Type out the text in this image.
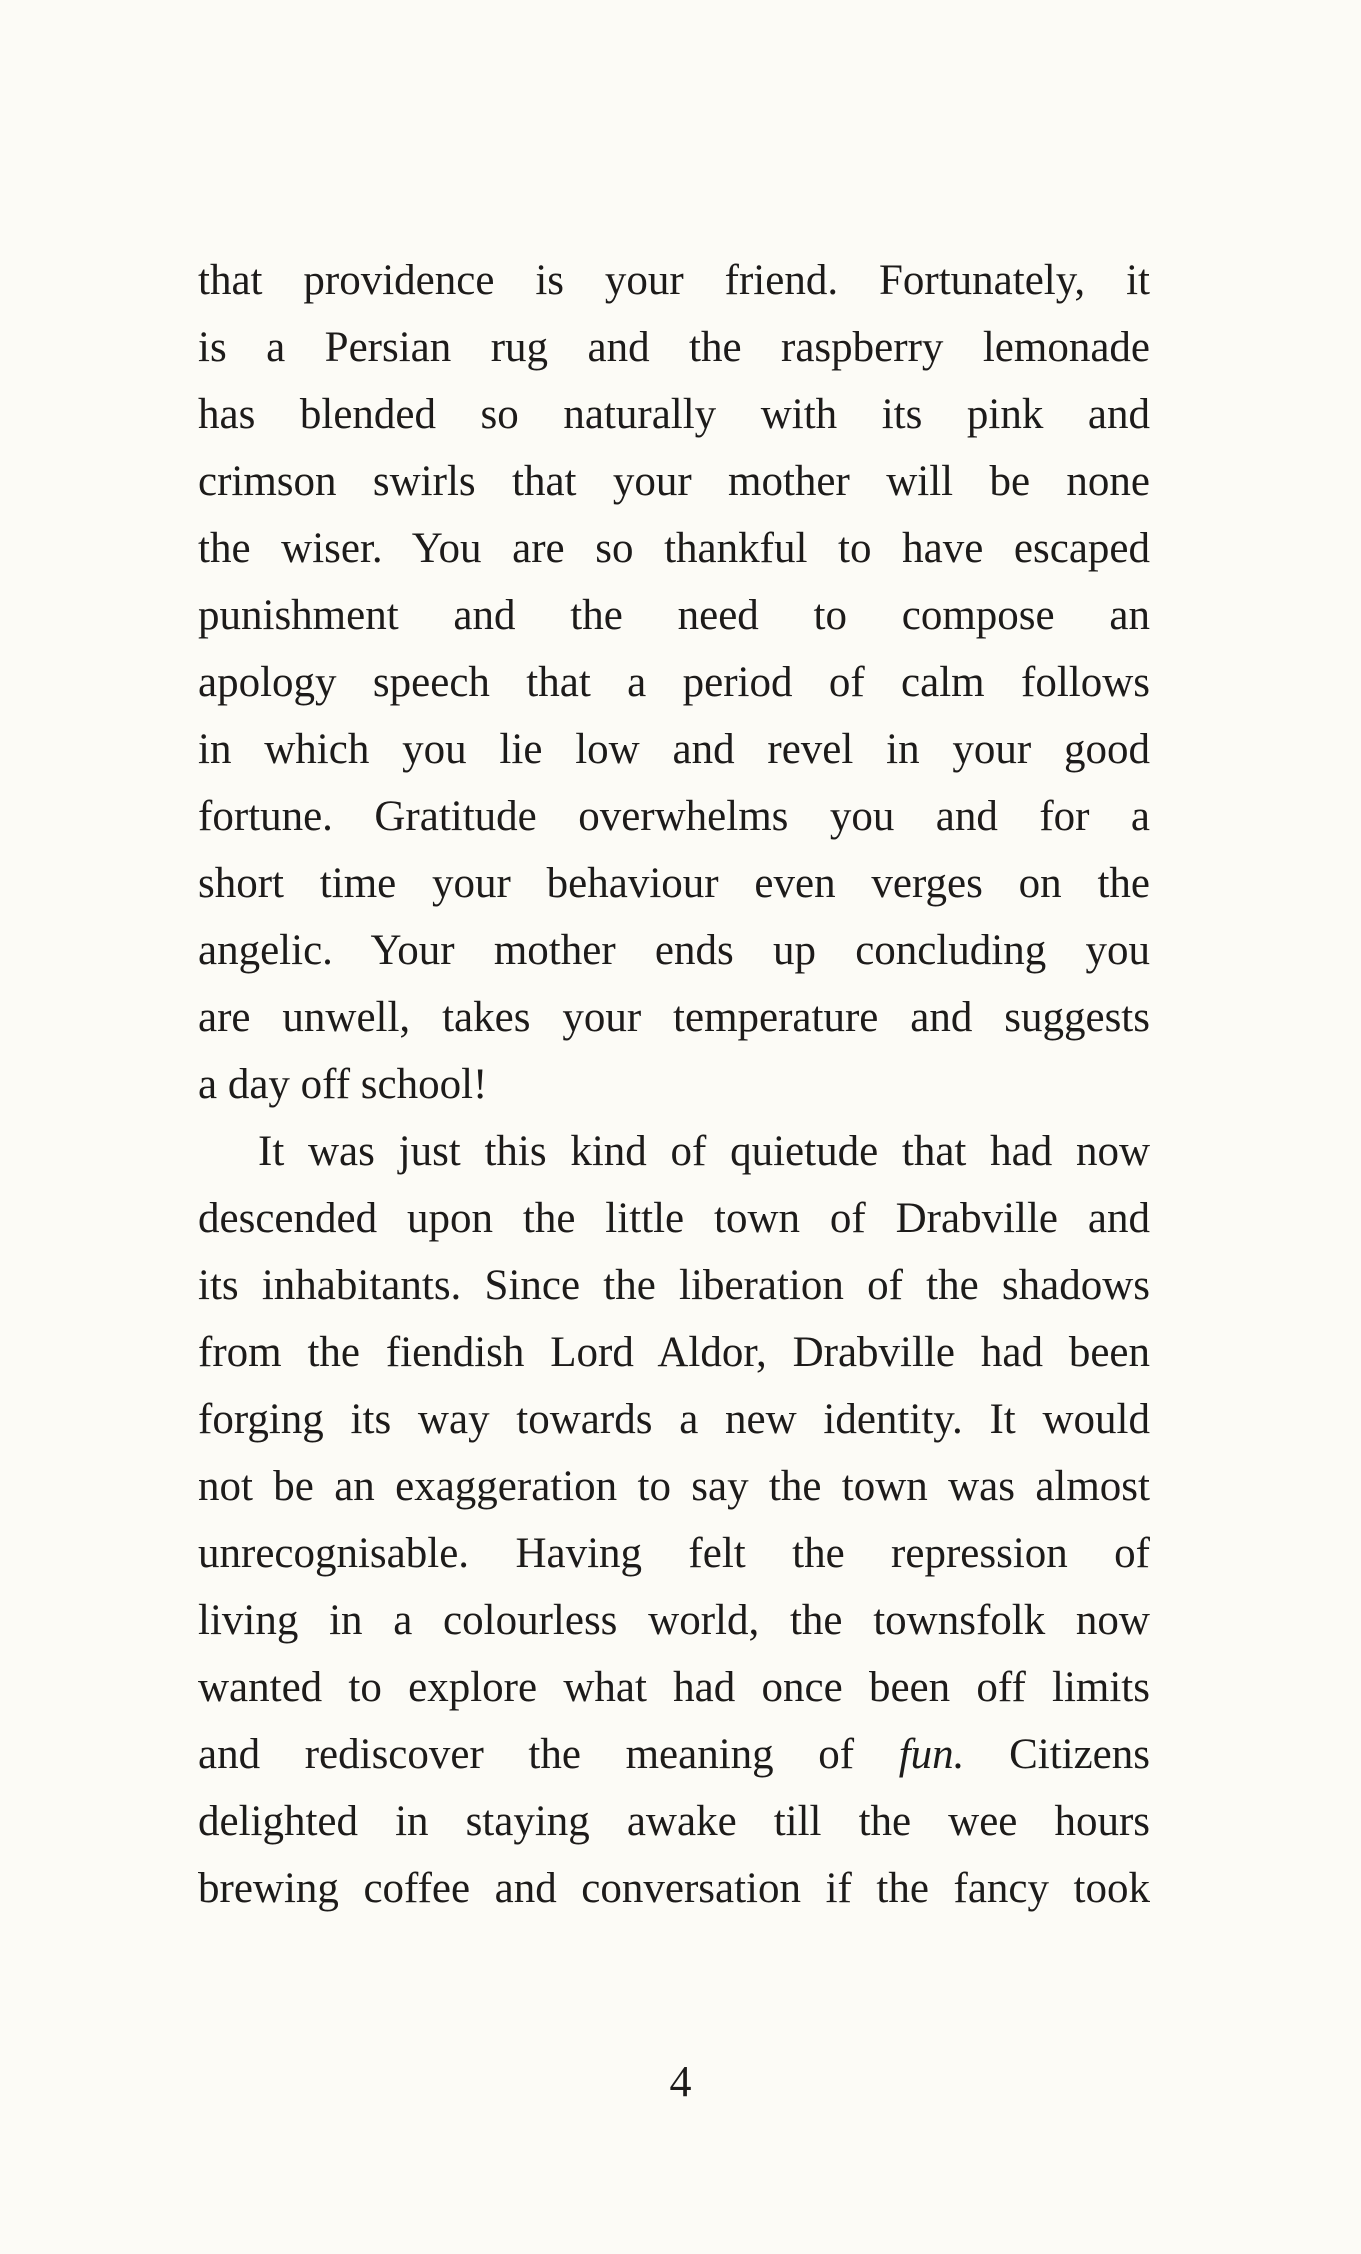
that providence is your friend. Fortunately, it
is a Persian rug and the raspberry lemonade
has blended so naturally with its pink and
crimson swirls that your mother will be none
the wiser. You are so thankful to have escaped
punishment and the need to compose an
apology speech that a period of calm follows
in which you lie low and revel in your good
fortune. Gratitude overwhelms you and for a
short time your behaviour even verges on the
angelic. Your mother ends up concluding you
are unwell, takes your temperature and suggests
a day off school!
It was just this kind of quietude that had now
descended upon the little town of Drabville and
its inhabitants. Since the liberation of the shadows
from the fiendish Lord Aldor, Drabville had been
forging its way towards a new identity. It would
not be an exaggeration to say the town was almost
unrecognisable. Having felt the repression of
living in a colourless world, the townsfolk now
wanted to explore what had once been off limits
and rediscover the meaning of fun. Citizens
delighted in staying awake till the wee hours
brewing coffee and conversation if the fancy took
4
